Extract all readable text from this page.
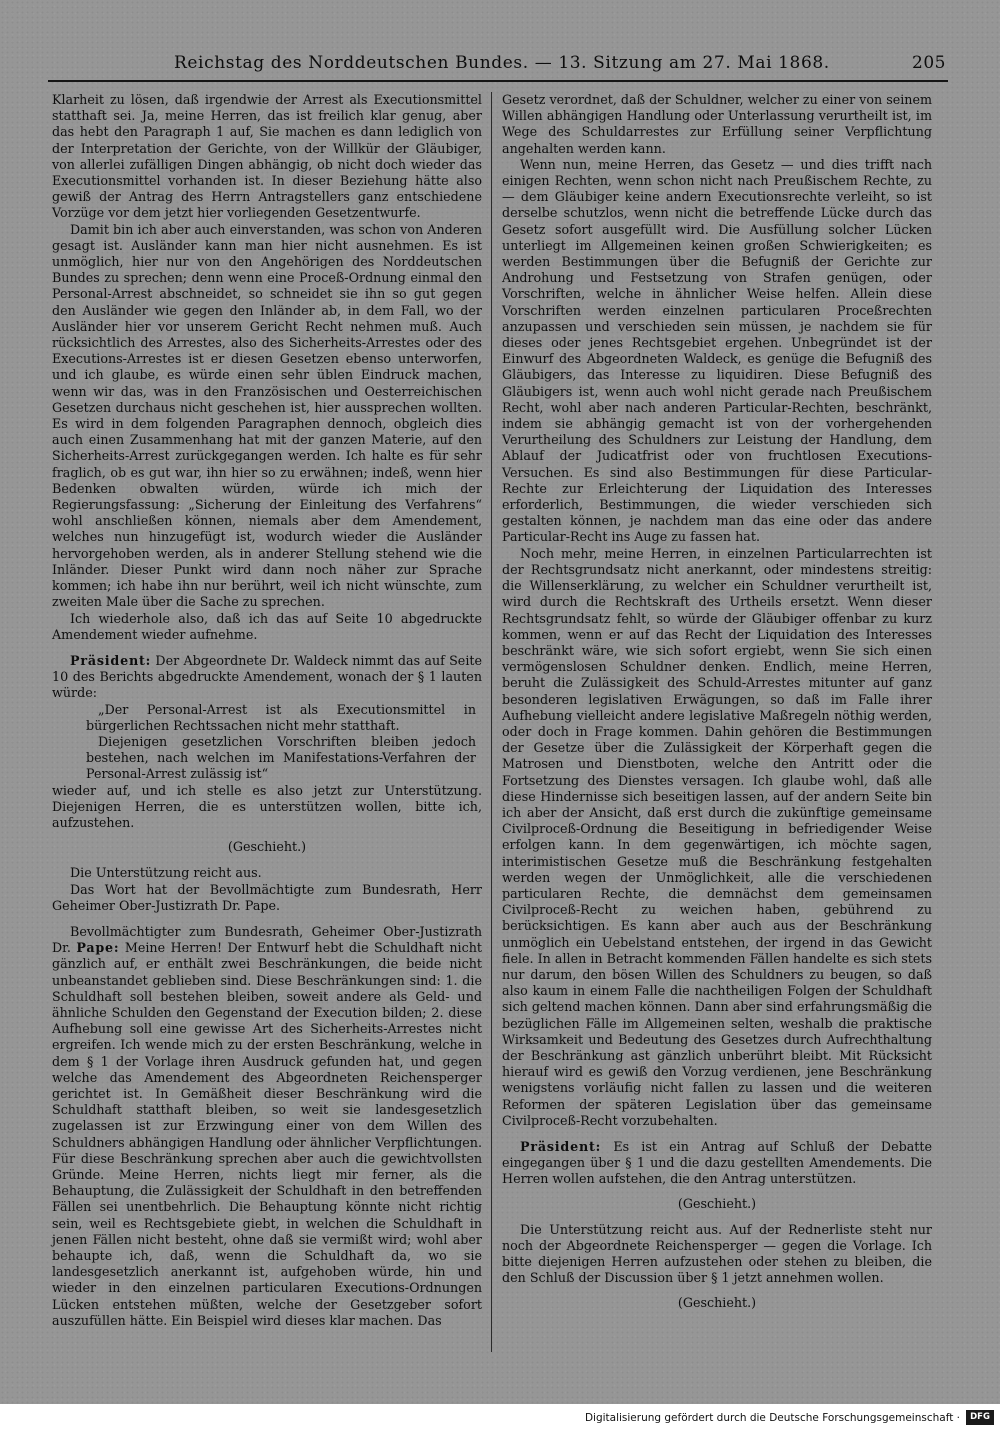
Reichstag des Norddeutschen Bundes. — 13. Sitzung am 27. Mai 1868.	205

Klarheit zu lösen, daß irgendwie der Arrest als Executionsmittel statthaft sei. Ja, meine Herren, das ist freilich klar genug, aber das hebt den Paragraph 1 auf, Sie machen es dann lediglich von der Interpretation der Gerichte, von der Willkür der Gläubiger, von allerlei zufälligen Dingen abhängig, ob nicht doch wieder das Executionsmittel vorhanden ist. In dieser Beziehung hätte also gewiß der Antrag des Herrn Antragstellers ganz entschiedene Vorzüge vor dem jetzt hier vorliegenden Gesetzentwurfe.

Damit bin ich aber auch einverstanden, was schon von Anderen gesagt ist. Ausländer kann man hier nicht ausnehmen. Es ist unmöglich, hier nur von den Angehörigen des Norddeutschen Bundes zu sprechen; denn wenn eine Proceß-Ordnung einmal den Personal-Arrest abschneidet, so schneidet sie ihn so gut gegen den Ausländer wie gegen den Inländer ab, in dem Fall, wo der Ausländer hier vor unserem Gericht Recht nehmen muß. Auch rücksichtlich des Arrestes, also des Sicherheits-Arrestes oder des Executions-Arrestes ist er diesen Gesetzen ebenso unterworfen, und ich glaube, es würde einen sehr üblen Eindruck machen, wenn wir das, was in den Französischen und Oesterreichischen Gesetzen durchaus nicht geschehen ist, hier aussprechen wollten. Es wird in dem folgenden Paragraphen dennoch, obgleich dies auch einen Zusammenhang hat mit der ganzen Materie, auf den Sicherheits-Arrest zurückgegangen werden. Ich halte es für sehr fraglich, ob es gut war, ihn hier so zu erwähnen; indeß, wenn hier Bedenken obwalten würden, würde ich mich der Regierungsfassung: „Sicherung der Einleitung des Verfahrens“ wohl anschließen können, niemals aber dem Amendement, welches nun hinzugefügt ist, wodurch wieder die Ausländer hervorgehoben werden, als in anderer Stellung stehend wie die Inländer. Dieser Punkt wird dann noch näher zur Sprache kommen; ich habe ihn nur berührt, weil ich nicht wünschte, zum zweiten Male über die Sache zu sprechen.

Ich wiederhole also, daß ich das auf Seite 10 abgedruckte Amendement wieder aufnehme.

Präsident: Der Abgeordnete Dr. Waldeck nimmt das auf Seite 10 des Berichts abgedruckte Amendement, wonach der § 1 lauten würde:

„Der Personal-Arrest ist als Executionsmittel in bürgerlichen Rechtssachen nicht mehr statthaft.

Diejenigen gesetzlichen Vorschriften bleiben jedoch bestehen, nach welchen im Manifestations-Verfahren der Personal-Arrest zulässig ist“

wieder auf, und ich stelle es also jetzt zur Unterstützung. Diejenigen Herren, die es unterstützen wollen, bitte ich, aufzustehen.

(Geschieht.)

Die Unterstützung reicht aus.

Das Wort hat der Bevollmächtigte zum Bundesrath, Herr Geheimer Ober-Justizrath Dr. Pape.

Bevollmächtigter zum Bundesrath, Geheimer Ober-Justizrath Dr. Pape: Meine Herren! Der Entwurf hebt die Schuldhaft nicht gänzlich auf, er enthält zwei Beschränkungen, die beide nicht unbeanstandet geblieben sind. Diese Beschränkungen sind: 1. die Schuldhaft soll bestehen bleiben, soweit andere als Geld- und ähnliche Schulden den Gegenstand der Execution bilden; 2. diese Aufhebung soll eine gewisse Art des Sicherheits-Arrestes nicht ergreifen. Ich wende mich zu der ersten Beschränkung, welche in dem § 1 der Vorlage ihren Ausdruck gefunden hat, und gegen welche das Amendement des Abgeordneten Reichensperger gerichtet ist. In Gemäßheit dieser Beschränkung wird die Schuldhaft statthaft bleiben, so weit sie landesgesetzlich zugelassen ist zur Erzwingung einer von dem Willen des Schuldners abhängigen Handlung oder ähnlicher Verpflichtungen. Für diese Beschränkung sprechen aber auch die gewichtvollsten Gründe. Meine Herren, nichts liegt mir ferner, als die Behauptung, die Zulässigkeit der Schuldhaft in den betreffenden Fällen sei unentbehrlich. Die Behauptung könnte nicht richtig sein, weil es Rechtsgebiete giebt, in welchen die Schuldhaft in jenen Fällen nicht besteht, ohne daß sie vermißt wird; wohl aber behaupte ich, daß, wenn die Schuldhaft da, wo sie landesgesetzlich anerkannt ist, aufgehoben würde, hin und wieder in den einzelnen particularen Executions-Ordnungen Lücken entstehen müßten, welche der Gesetzgeber sofort auszufüllen hätte. Ein Beispiel wird dieses klar machen. Das

Gesetz verordnet, daß der Schuldner, welcher zu einer von seinem Willen abhängigen Handlung oder Unterlassung verurtheilt ist, im Wege des Schuldarrestes zur Erfüllung seiner Verpflichtung angehalten werden kann.

Wenn nun, meine Herren, das Gesetz — und dies trifft nach einigen Rechten, wenn schon nicht nach Preußischem Rechte, zu — dem Gläubiger keine andern Executionsrechte verleiht, so ist derselbe schutzlos, wenn nicht die betreffende Lücke durch das Gesetz sofort ausgefüllt wird. Die Ausfüllung solcher Lücken unterliegt im Allgemeinen keinen großen Schwierigkeiten; es werden Bestimmungen über die Befugniß der Gerichte zur Androhung und Festsetzung von Strafen genügen, oder Vorschriften, welche in ähnlicher Weise helfen. Allein diese Vorschriften werden einzelnen particularen Proceßrechten anzupassen und verschieden sein müssen, je nachdem sie für dieses oder jenes Rechtsgebiet ergehen. Unbegründet ist der Einwurf des Abgeordneten Waldeck, es genüge die Befugniß des Gläubigers, das Interesse zu liquidiren. Diese Befugniß des Gläubigers ist, wenn auch wohl nicht gerade nach Preußischem Recht, wohl aber nach anderen Particular-Rechten, beschränkt, indem sie abhängig gemacht ist von der vorhergehenden Verurtheilung des Schuldners zur Leistung der Handlung, dem Ablauf der Judicatfrist oder von fruchtlosen Executions-Versuchen. Es sind also Bestimmungen für diese Particular-Rechte zur Erleichterung der Liquidation des Interesses erforderlich, Bestimmungen, die wieder verschieden sich gestalten können, je nachdem man das eine oder das andere Particular-Recht ins Auge zu fassen hat.

Noch mehr, meine Herren, in einzelnen Particularrechten ist der Rechtsgrundsatz nicht anerkannt, oder mindestens streitig: die Willenserklärung, zu welcher ein Schuldner verurtheilt ist, wird durch die Rechtskraft des Urtheils ersetzt. Wenn dieser Rechtsgrundsatz fehlt, so würde der Gläubiger offenbar zu kurz kommen, wenn er auf das Recht der Liquidation des Interesses beschränkt wäre, wie sich sofort ergiebt, wenn Sie sich einen vermögenslosen Schuldner denken. Endlich, meine Herren, beruht die Zulässigkeit des Schuld-Arrestes mitunter auf ganz besonderen legislativen Erwägungen, so daß im Falle ihrer Aufhebung vielleicht andere legislative Maßregeln nöthig werden, oder doch in Frage kommen. Dahin gehören die Bestimmungen der Gesetze über die Zulässigkeit der Körperhaft gegen die Matrosen und Dienstboten, welche den Antritt oder die Fortsetzung des Dienstes versagen. Ich glaube wohl, daß alle diese Hindernisse sich beseitigen lassen, auf der andern Seite bin ich aber der Ansicht, daß erst durch die zukünftige gemeinsame Civilproceß-Ordnung die Beseitigung in befriedigender Weise erfolgen kann. In dem gegenwärtigen, ich möchte sagen, interimistischen Gesetze muß die Beschränkung festgehalten werden wegen der Unmöglichkeit, alle die verschiedenen particularen Rechte, die demnächst dem gemeinsamen Civilproceß-Recht zu weichen haben, gebührend zu berücksichtigen. Es kann aber auch aus der Beschränkung unmöglich ein Uebelstand entstehen, der irgend in das Gewicht fiele. In allen in Betracht kommenden Fällen handelte es sich stets nur darum, den bösen Willen des Schuldners zu beugen, so daß also kaum in einem Falle die nachtheiligen Folgen der Schuldhaft sich geltend machen können. Dann aber sind erfahrungsmäßig die bezüglichen Fälle im Allgemeinen selten, weshalb die praktische Wirksamkeit und Bedeutung des Gesetzes durch Aufrechthaltung der Beschränkung ast gänzlich unberührt bleibt. Mit Rücksicht hierauf wird es gewiß den Vorzug verdienen, jene Beschränkung wenigstens vorläufig nicht fallen zu lassen und die weiteren Reformen der späteren Legislation über das gemeinsame Civilproceß-Recht vorzubehalten.

Präsident: Es ist ein Antrag auf Schluß der Debatte eingegangen über § 1 und die dazu gestellten Amendements. Die Herren wollen aufstehen, die den Antrag unterstützen.

(Geschieht.)

Die Unterstützung reicht aus. Auf der Rednerliste steht nur noch der Abgeordnete Reichensperger — gegen die Vorlage. Ich bitte diejenigen Herren aufzustehen oder stehen zu bleiben, die den Schluß der Discussion über § 1 jetzt annehmen wollen.

(Geschieht.)

Digitalisierung gefördert durch die Deutsche Forschungsgemeinschaft ·	DFG
